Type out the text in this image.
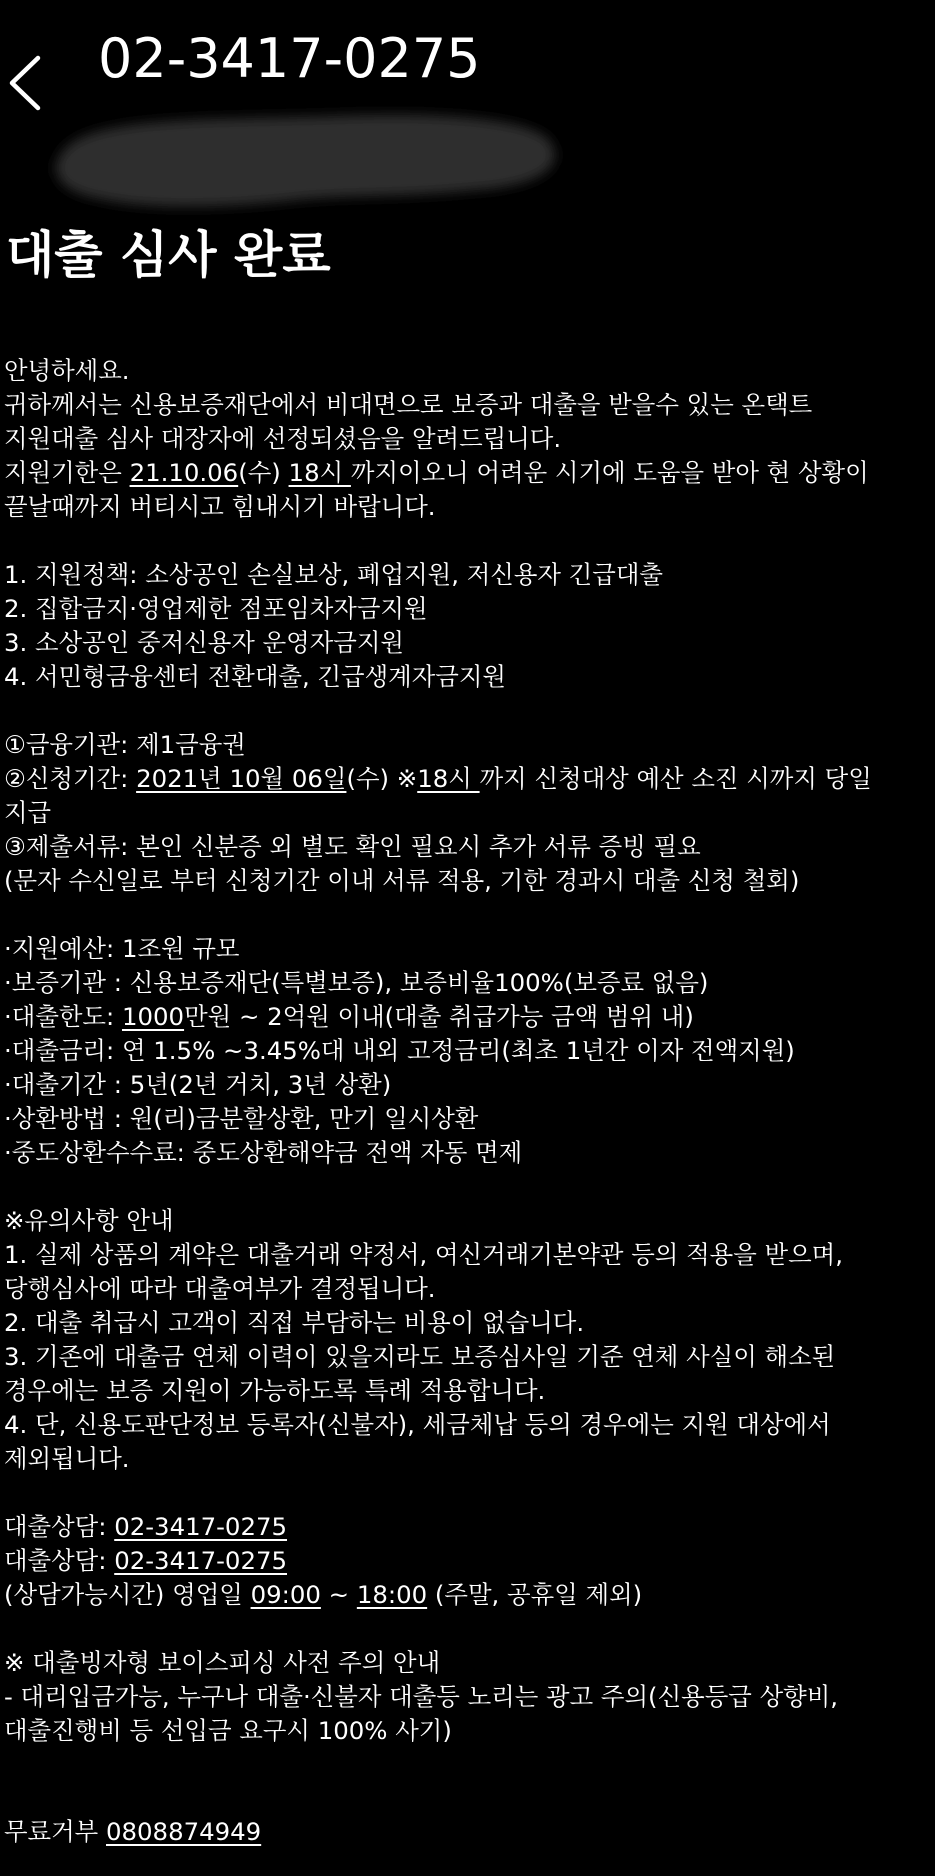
02-3417-0275
대출 심사 완료
안녕하세요.
귀하께서는 신용보증재단에서 비대면으로 보증과 대출을 받을수 있는 온택트
지원대출 심사 대장자에 선정되셨음을 알려드립니다.
지원기한은 21.10.06(수) 18시 까지이오니 어려운 시기에 도움을 받아 현 상황이
끝날때까지 버티시고 힘내시기 바랍니다.
1. 지원정책: 소상공인 손실보상, 폐업지원, 저신용자 긴급대출
2. 집합금지·영업제한 점포임차자금지원
3. 소상공인 중저신용자 운영자금지원
4. 서민형금융센터 전환대출, 긴급생계자금지원
①금융기관: 제1금융권
②신청기간: 2021년 10월 06일(수) ※18시 까지 신청대상 예산 소진 시까지 당일
지급
③제출서류: 본인 신분증 외 별도 확인 필요시 추가 서류 증빙 필요
(문자 수신일로 부터 신청기간 이내 서류 적용, 기한 경과시 대출 신청 철회)
·지원예산: 1조원 규모
·보증기관 : 신용보증재단(특별보증), 보증비율100%(보증료 없음)
·대출한도: 1000만원 ~ 2억원 이내(대출 취급가능 금액 범위 내)
·대출금리: 연 1.5% ~3.45%대 내외 고정금리(최초 1년간 이자 전액지원)
·대출기간 : 5년(2년 거치, 3년 상환)
·상환방법 : 원(리)금분할상환, 만기 일시상환
·중도상환수수료: 중도상환해약금 전액 자동 면제
※유의사항 안내
1. 실제 상품의 계약은 대출거래 약정서, 여신거래기본약관 등의 적용을 받으며,
당행심사에 따라 대출여부가 결정됩니다.
2. 대출 취급시 고객이 직접 부담하는 비용이 없습니다.
3. 기존에 대출금 연체 이력이 있을지라도 보증심사일 기준 연체 사실이 해소된
경우에는 보증 지원이 가능하도록 특례 적용합니다.
4. 단, 신용도판단정보 등록자(신불자), 세금체납 등의 경우에는 지원 대상에서
제외됩니다.
대출상담: 02-3417-0275
대출상담: 02-3417-0275
(상담가능시간) 영업일 09:00 ~ 18:00 (주말, 공휴일 제외)
※ 대출빙자형 보이스피싱 사전 주의 안내
- 대리입금가능, 누구나 대출·신불자 대출등 노리는 광고 주의(신용등급 상향비,
대출진행비 등 선입금 요구시 100% 사기)
무료거부 0808874949
